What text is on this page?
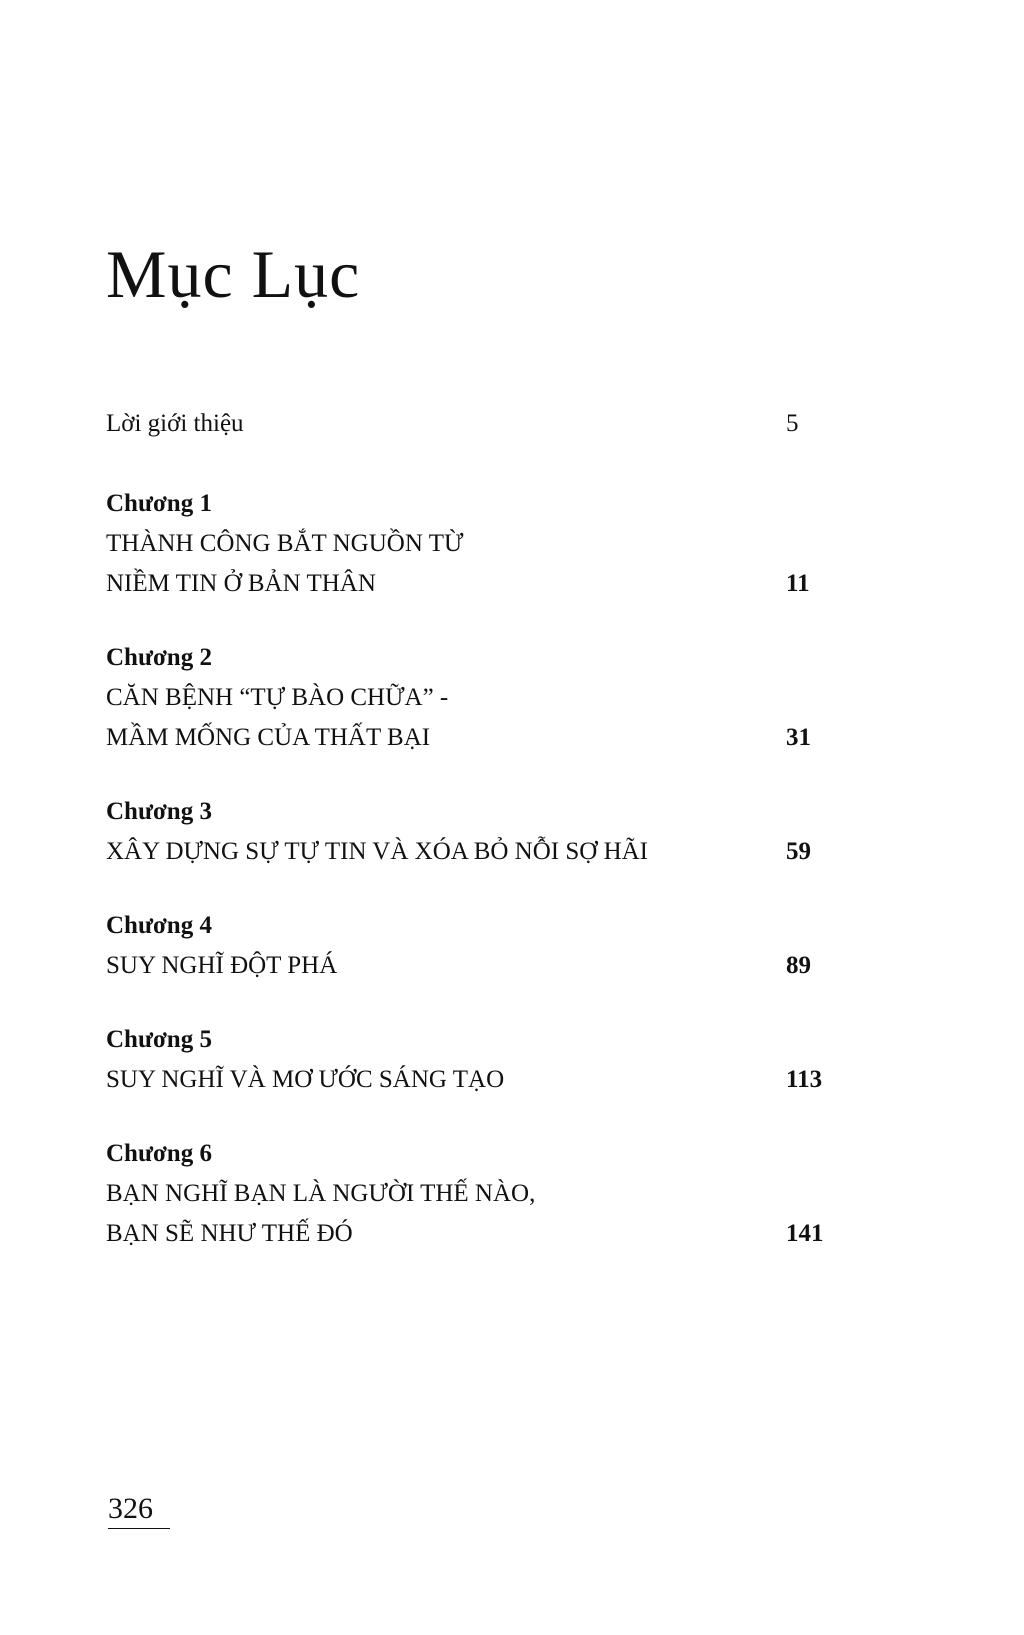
Mục Lục
Lời giới thiệu	5
Chương 1
THÀNH CÔNG BẮT NGUỒN TỪ
NIỀM TIN Ở BẢN THÂN	11
Chương 2
CĂN BỆNH “TỰ BÀO CHỮA” -
MẦM MỐNG CỦA THẤT BẠI	31
Chương 3
XÂY DỰNG SỰ TỰ TIN VÀ XÓA BỎ NỖI SỢ HÃI	59
Chương 4
SUY NGHĨ ĐỘT PHÁ	89
Chương 5
SUY NGHĨ VÀ MƠ ƯỚC SÁNG TẠO	113
Chương 6
BẠN NGHĨ BẠN LÀ NGƯỜI THẾ NÀO,
BẠN SẼ NHƯ THẾ ĐÓ	141
326
